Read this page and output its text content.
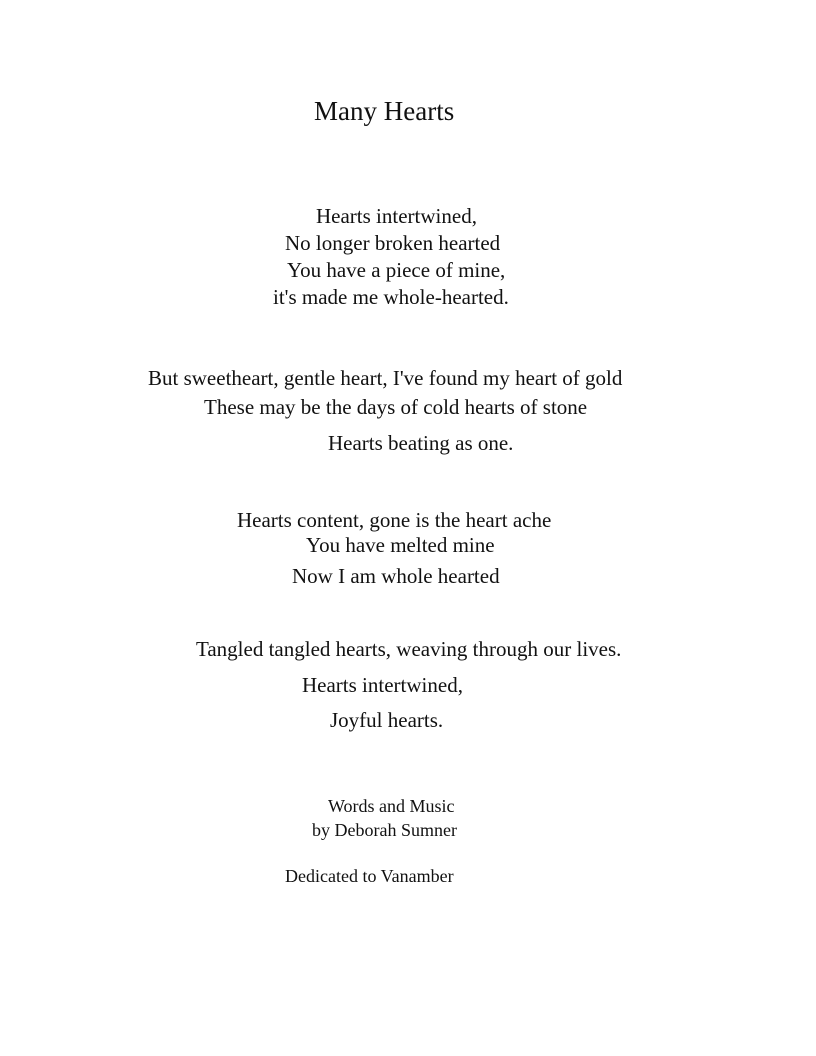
Many Hearts
Hearts intertwined,
No longer broken hearted
You have a piece of mine,
it's made me whole-hearted.
But sweetheart, gentle heart, I've found my heart of gold
These may be the days of cold hearts of stone
Hearts beating as one.
Hearts content, gone is the heart ache
You have melted mine
Now I am whole hearted
Tangled tangled hearts, weaving through our lives.
Hearts intertwined,
Joyful hearts.
Words and Music
by Deborah Sumner
Dedicated to Vanamber
